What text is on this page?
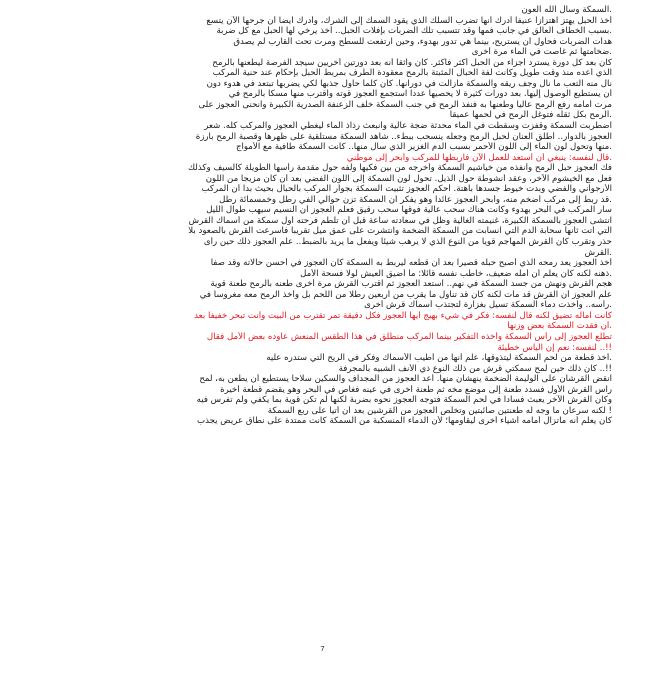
.السمكة وسأل الله العون
أخذ الحبل يهتز اهتزازا عنيفا أدرك أنها تضرب السلك الذي يقود السمك إلى الشرك، وأدرك أيضا أن جرحها الآن يتسع
.بسبب الخطاف العالق في جانب فمها وقد تتسبب تلك الضربات بإفلات الحبل.. أخذ يرخي لها الحبل مع كل ضربة
هدأت الضربات فحاول أن يستريح، بينما هي تدور بهدوء، وحين ارتفعت للسطح ومرت تحت القارب لم يصدق
.ضخامتها ثم غاصت في الماء مرة أخرى
كان بعد كل دورة يسترد أجزاء من الحبل أكثر فأكثر. كان واثقا أنه بعد دورتين أخريين سيجد الفرصة ليطعنها بالرمح
الذي أعده منذ وقت طويل وكانت لفة الحبال المثبتة بالرمح معقودة الطرف بمربط الحبل بإحكام عند حنية المركب
نال منه التعب ما نال وجف ريقه والسمكة مازالت في دورانها. كان كلما حاول جذبها لكي يضربها تبتعد في هدوء دون
أن يستطيع الوصول إليها. بعد دورات كثيرة لا يحصيها عددا استجمع العجوز قوته واقترب منها مسكا بالرمح في
مرت أمامه رفع الرمح عاليا وطعنها به فنفذ الرمح في جنب السمكة خلف الزعنفة الصدرية الكبيرة وانحنى العجوز على
.الرمح بكل ثقله فتوغل الرمح في لحمها عميقا
اضطربت السمكة وقفزت وسقطت في الماء محدثة ضجة عالية وانبعث رذاذ الماء ليغطي العجوز والمركب كله. شعر
العجوز بالدوار.. أطلق العنان لحبل الرمح وجعله ينسحب ببطء.. شاهد السمكة مستلقية على ظهرها وقصبة الرمح بارزة
.منها وتحول لون الماء إلى اللون الأحمر بسبب الدم الغزير الذي سال منها.. كانت السمكة طافية مع الأمواج
.قال لنفسه: ينبغي أن أستعد للعمل الآن فأربطها للمركب وأبحر إلى موطني
فك العجوز حبل الرمح وأنفذه من خياشيم السمكة وأخرجه من بين فكيها ولفه حول مقدمة رأسها الطويلة كالسيف وكذلك
فعل مع الخيشوم الآخر، وعقد أنشوطة حول الذيل. تحول لون السمكة إلى اللون الفضي بعد أن كان مزيجا من اللون
الأرجواني والفضي وبدت خيوط جسدها باهتة. أحكم العجوز تثبيت السمكة بجوار المركب بالحبال بحيث بدا أن المركب
.قد ربط إلى مركب أضخم منه، وأبحر العجوز عائدا وهو يفكر أن السمكة تزن حوالي ألفي رطل وخمسمائة رطل
سار المركب في البحر بهدوء وكانت هناك سحب عالية فوقها سحب رقيق فعلم العجوز أن النسيم سيهب طوال الليل
انتشى العجوز بالسمكة الكبيرة، غنيمته الغالية وظل في سعادته ساعة قبل أن تلطم فرحته أول سمكة من أسماك القرش
التي أتت ثانها سحابة الدم التي انسابت من السمكة الضخمة وانتشرت على عمق ميل تقريبا فأسرعت القرش بالصعود بلا
حذر وتقرب كان القرش المهاجم قويا من النوع الذي لا يرهب شيئا ويفعل ما يريد بالضبط.. علم العجوز ذلك حين رأى
.القرش
أخذ العجوز يعد رمحه الذي أصبح حبله قصيرا بعد أن قطعه ليربط به السمكة كان العجوز في أحسن حالاته وقد صفا
.ذهنه لكنه كان يعلم أن أمله ضعيف، خاطب نفسه قائلا: ما أضيق العيش لولا فسحة الأمل
هجم القرش ونهش من جسد السمكة في نهم.. استعد العجوز ثم اقترب القرش مرة أخرى طعنه بالرمح طعنة قوية
علم العجوز أن القرش قد مات لكنه كان قد تناول ما يقرب من أربعين رطلا من اللحم بل وأخذ الرمح معه مغروسا في
.رأسه.. وأخذت دماء السمكة تسيل بغزارة لتجتذب أسماك قرش أخرى
كانت آماله تضيق لكنه قال لنفسه: فكر في شيء بهيج أيها العجوز فكل دقيقة تمر تقترب من البيت وأنت تبحر خفيفا بعد
.أن فقدت السمكة بعض وزنها
تطلع العجوز إلى رأس السمكة وأخذه التفكير بينما المركب منطلق في هذا الطقس المنعش عاوده بعض الأمل فقال
!!.. لنفسه: نعم إن اليأس خطيئة
.أخذ قطعة من لحم السمكة ليتذوقها، علم أنها من أطيب الأسماك وفكر في الريح التي ستدره عليه
!!.. كان ذلك حين لمح سمكتي قرش من ذلك النوع ذي الأنف الشبيه بالمجرفة
انقض القرشان على الوليمة الضخمة ينهشان منها. أعد العجوز من المجداف والسكين سلاحا يستطيع أن يطعن به، لمح
رأس القرش الأول فسدد طعنة إلى موضع مخه ثم طعنة أخرى في عينه فغاص في البحر وهو يقضم قطعة أخيرة
وكان القرش الآخر يعبث فسادا في لحم السمكة فتوجه العجوز نحوه بضربة لكنها لم تكن قوية بما يكفي ولم تفرس فيه
! لكنه سرعان ما وجه له طعنتين صائبتين وتخلص العجوز من القرشين بعد أن أتيا على ربع السمكة
كان يعلم أنه ماتزال أمامه أشياء أخرى ليقاومها؛ لأن الدماء المنسكبة من السمكة كانت ممتدة على نطاق عريض يجذب
7
